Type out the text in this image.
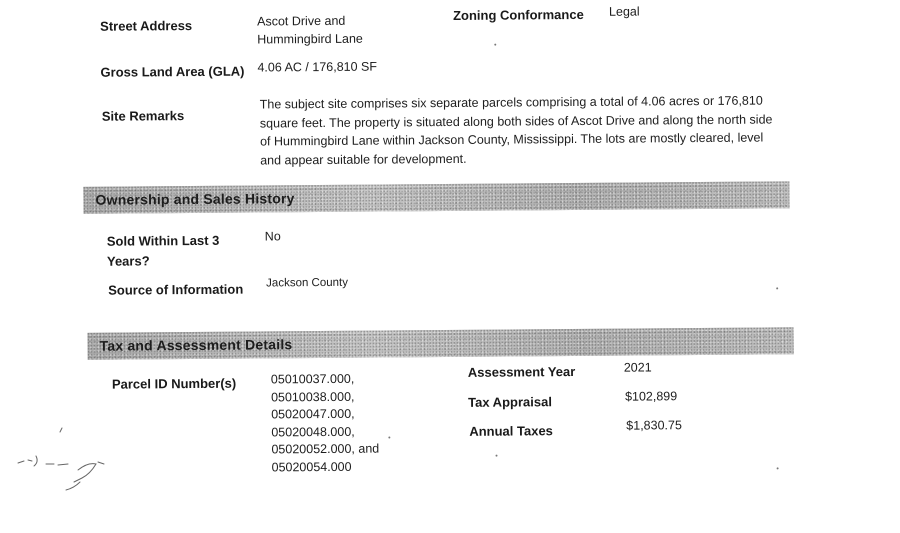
Street Address	Ascot Drive and
Hummingbird Lane
Zoning Conformance Legal
Gross Land Area (GLA) 4.06 AC / 176,810 SF
Site Remarks
The subject site comprises six separate parcels comprising a total of 4.06 acres or 176,810 square feet. The property is situated along both sides of Ascot Drive and along the north side of Hummingbird Lane within Jackson County, Mississippi. The lots are mostly cleared, level and appear suitable for development.
Ownership and Sales History
Sold Within Last 3
Years?
No
Source of Information Jackson County
Tax and Assessment Details
Parcel ID Number(s)	05010037.000,
05010038.000,
05020047.000,
05020048.000,
05020052.000, and
05020054.000
Assessment Year	2021
Tax Appraisal	$102,899
Annual Taxes	$1,830.75
